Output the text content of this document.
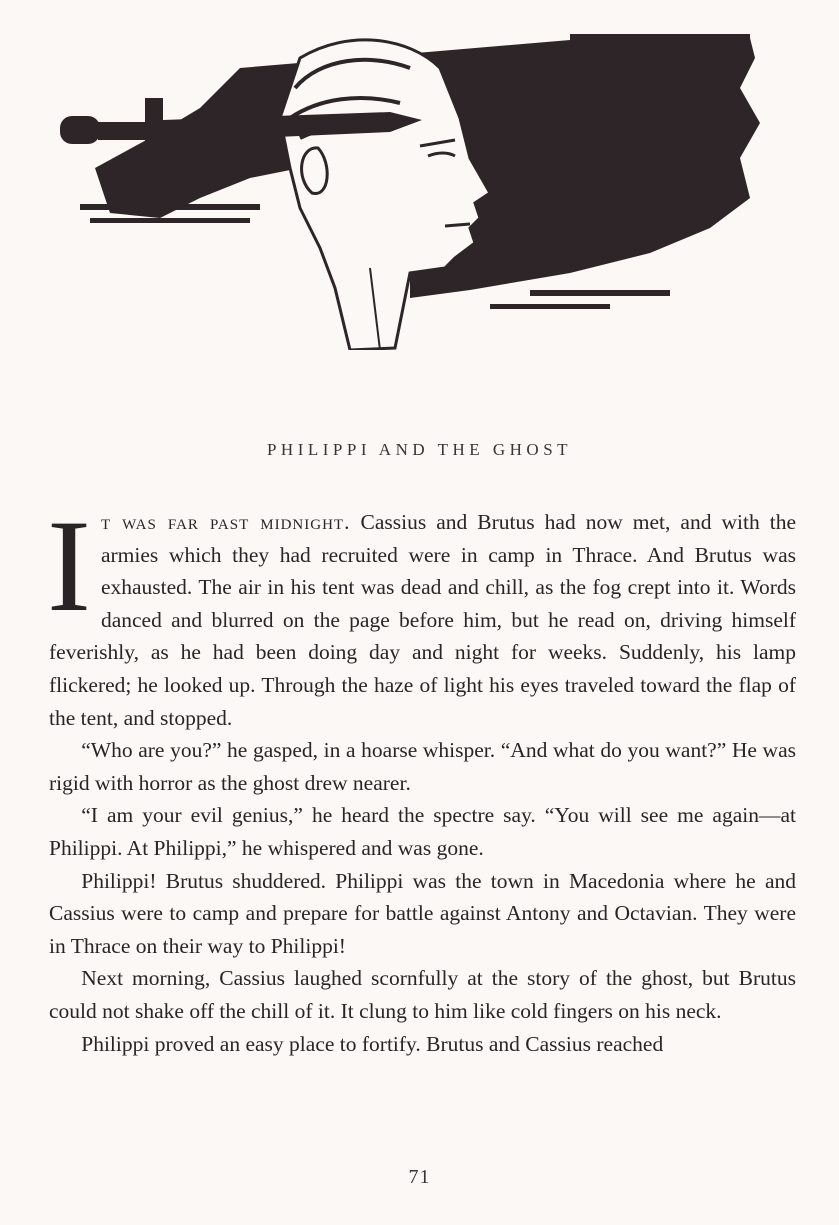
PHILIPPI AND THE GHOST

It was far past midnight. Cassius and Brutus had now met, and with the armies which they had recruited were in camp in Thrace. And Brutus was exhausted. The air in his tent was dead and chill, as the fog crept into it. Words danced and blurred on the page before him, but he read on, driving himself feverishly, as he had been doing day and night for weeks. Suddenly, his lamp flickered; he looked up. Through the haze of light his eyes traveled toward the flap of the tent, and stopped.

“Who are you?” he gasped, in a hoarse whisper. “And what do you want?” He was rigid with horror as the ghost drew nearer.

“I am your evil genius,” he heard the spectre say. “You will see me again—at Philippi. At Philippi,” he whispered and was gone.

Philippi! Brutus shuddered. Philippi was the town in Macedonia where he and Cassius were to camp and prepare for battle against Antony and Octavian. They were in Thrace on their way to Philippi!

Next morning, Cassius laughed scornfully at the story of the ghost, but Brutus could not shake off the chill of it. It clung to him like cold fingers on his neck.

Philippi proved an easy place to fortify. Brutus and Cassius reached

71
